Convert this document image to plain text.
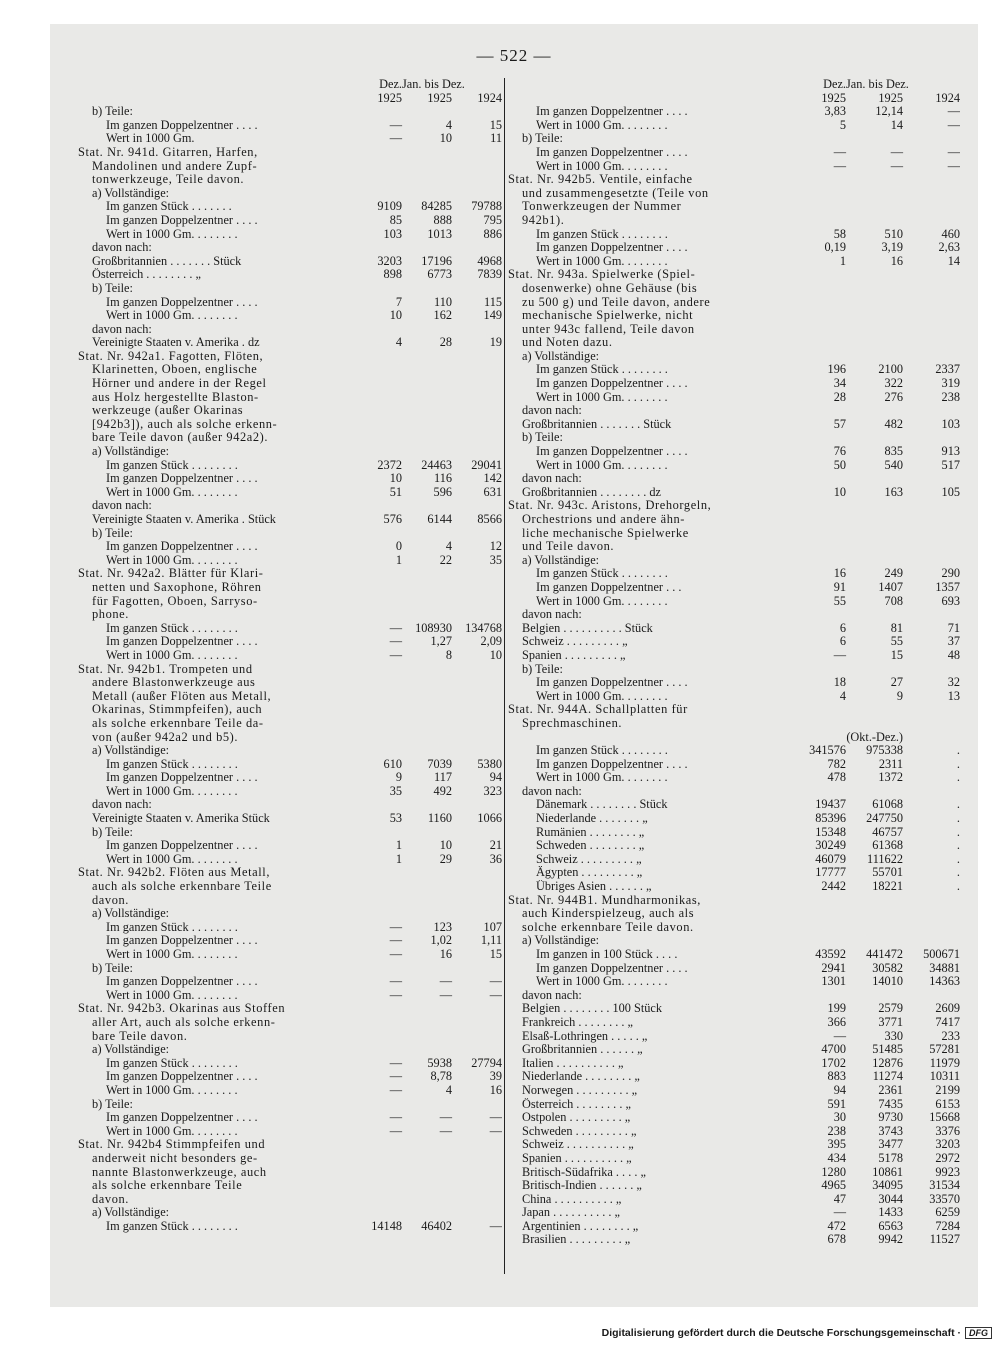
— 522 —
Dez. Jan. bis Dez.
1925	1925	1924
b) Teile:
Im ganzen Doppelzentner . . . .	—	4	15
Wert in 1000 Gm.	—	10	11
Stat. Nr. 941d. Gitarren, Harfen,
Mandolinen und andere Zupf-
tonwerkzeuge, Teile davon.
a) Vollständige:
Im ganzen Stück . . . . . . .	9109	84285	79788
Im ganzen Doppelzentner . . . .	85	888	795
Wert in 1000 Gm. . . . . . . .	103	1013	886
davon nach:
Großbritannien . . . . . . . Stück	3203	17196	4968
Österreich . . . . . . . . „	898	6773	7839
b) Teile:
Im ganzen Doppelzentner . . . .	7	110	115
Wert in 1000 Gm. . . . . . . .	10	162	149
davon nach:
Vereinigte Staaten v. Amerika . dz	4	28	19
Stat. Nr. 942a1. Fagotten, Flöten,
Klarinetten, Oboen, englische
Hörner und andere in der Regel
aus Holz hergestellte Blaston-
werkzeuge (außer Okarinas
[942b3]), auch als solche erkenn-
bare Teile davon (außer 942a2).
a) Vollständige:
Im ganzen Stück . . . . . . . .	2372	24463	29041
Im ganzen Doppelzentner . . . .	10	116	142
Wert in 1000 Gm. . . . . . . .	51	596	631
davon nach:
Vereinigte Staaten v. Amerika . Stück	576	6144	8566
b) Teile:
Im ganzen Doppelzentner . . . .	0	4	12
Wert in 1000 Gm. . . . . . . .	1	22	35
Stat. Nr. 942a2. Blätter für Klari-
netten und Saxophone, Röhren
für Fagotten, Oboen, Sarryso-
phone.
Im ganzen Stück . . . . . . . .	—	108930	134768
Im ganzen Doppelzentner . . . .	—	1,27	2,09
Wert in 1000 Gm. . . . . . . .	—	8	10
Stat. Nr. 942b1. Trompeten und
andere Blastonwerkzeuge aus
Metall (außer Flöten aus Metall,
Okarinas, Stimmpfeifen), auch
als solche erkennbare Teile da-
von (außer 942a2 und b5).
a) Vollständige:
Im ganzen Stück . . . . . . . .	610	7039	5380
Im ganzen Doppelzentner . . . .	9	117	94
Wert in 1000 Gm. . . . . . . .	35	492	323
davon nach:
Vereinigte Staaten v. Amerika Stück	53	1160	1066
b) Teile:
Im ganzen Doppelzentner . . . .	1	10	21
Wert in 1000 Gm. . . . . . . .	1	29	36
Stat. Nr. 942b2. Flöten aus Metall,
auch als solche erkennbare Teile
davon.
a) Vollständige:
Im ganzen Stück . . . . . . . .	—	123	107
Im ganzen Doppelzentner . . . .	—	1,02	1,11
Wert in 1000 Gm. . . . . . . .	—	16	15
b) Teile:
Im ganzen Doppelzentner . . . .	—	—	—
Wert in 1000 Gm. . . . . . . .	—	—	—
Stat. Nr. 942b3. Okarinas aus Stoffen
aller Art, auch als solche erkenn-
bare Teile davon.
a) Vollständige:
Im ganzen Stück . . . . . . . .	—	5938	27794
Im ganzen Doppelzentner . . . .	—	8,78	39
Wert in 1000 Gm. . . . . . . .	—	4	16
b) Teile:
Im ganzen Doppelzentner . . . .	—	—	—
Wert in 1000 Gm. . . . . . . .	—	—	—
Stat. Nr. 942b4 Stimmpfeifen und
anderweit nicht besonders ge-
nannte Blastonwerkzeuge, auch
als solche erkennbare Teile
davon.
a) Vollständige:
Im ganzen Stück . . . . . . . .	14148	46402	—
Dez. Jan. bis Dez.
1925	1925	1924
Im ganzen Doppelzentner . . . .	3,83	12,14	—
Wert in 1000 Gm. . . . . . . .	5	14	—
b) Teile:
Im ganzen Doppelzentner . . . .	—	—	—
Wert in 1000 Gm. . . . . . . .	—	—	—
Stat. Nr. 942b5. Ventile, einfache
und zusammengesetzte (Teile von
Tonwerkzeugen der Nummer
942b1).
Im ganzen Stück . . . . . . . .	58	510	460
Im ganzen Doppelzentner . . . .	0,19	3,19	2,63
Wert in 1000 Gm. . . . . . . .	1	16	14
Stat. Nr. 943a. Spielwerke (Spiel-
dosenwerke) ohne Gehäuse (bis
zu 500 g) und Teile davon, andere
mechanische Spielwerke, nicht
unter 943c fallend, Teile davon
und Noten dazu.
a) Vollständige:
Im ganzen Stück . . . . . . . .	196	2100	2337
Im ganzen Doppelzentner . . . .	34	322	319
Wert in 1000 Gm. . . . . . . .	28	276	238
davon nach:
Großbritannien . . . . . . . Stück	57	482	103
b) Teile:
Im ganzen Doppelzentner . . . .	76	835	913
Wert in 1000 Gm. . . . . . . .	50	540	517
davon nach:
Großbritannien . . . . . . . . dz	10	163	105
Stat. Nr. 943c. Aristons, Drehorgeln,
Orchestrions und andere ähn-
liche mechanische Spielwerke
und Teile davon.
a) Vollständige:
Im ganzen Stück . . . . . . . .	16	249	290
Im ganzen Doppelzentner . . .	91	1407	1357
Wert in 1000 Gm. . . . . . . .	55	708	693
davon nach:
Belgien . . . . . . . . . . Stück	6	81	71
Schweiz . . . . . . . . . „	6	55	37
Spanien . . . . . . . . . „	—	15	48
b) Teile:
Im ganzen Doppelzentner . . . .	18	27	32
Wert in 1000 Gm. . . . . . . .	4	9	13
Stat. Nr. 944A. Schallplatten für
Sprechmaschinen.
(Okt.-Dez.)
Im ganzen Stück . . . . . . . .	341576	975338	.
Im ganzen Doppelzentner . . . .	782	2311	.
Wert in 1000 Gm. . . . . . . .	478	1372	.
davon nach:
Dänemark . . . . . . . . Stück	19437	61068	.
Niederlande . . . . . . . „	85396	247750	.
Rumänien . . . . . . . . „	15348	46757	.
Schweden . . . . . . . . „	30249	61368	.
Schweiz . . . . . . . . . „	46079	111622	.
Ägypten . . . . . . . . . „	17777	55701	.
Übriges Asien . . . . . . „	2442	18221	.
Stat. Nr. 944B1. Mundharmonikas,
auch Kinderspielzeug, auch als
solche erkennbare Teile davon.
a) Vollständige:
Im ganzen in 100 Stück . . . .	43592	441472	500671
Im ganzen Doppelzentner . . . .	2941	30582	34881
Wert in 1000 Gm. . . . . . . .	1301	14010	14363
davon nach:
Belgien . . . . . . . . 100 Stück	199	2579	2609
Frankreich . . . . . . . . „	366	3771	7417
Elsaß-Lothringen . . . . . „	—	330	233
Großbritannien . . . . . . „	4700	51485	57281
Italien . . . . . . . . . . „	1702	12876	11979
Niederlande . . . . . . . . „	883	11274	10311
Norwegen . . . . . . . . . „	94	2361	2199
Österreich . . . . . . . . „	591	7435	6153
Ostpolen . . . . . . . . . „	30	9730	15668
Schweden . . . . . . . . . „	238	3743	3376
Schweiz . . . . . . . . . . „	395	3477	3203
Spanien . . . . . . . . . . „	434	5178	2972
Britisch-Südafrika . . . . „	1280	10861	9923
Britisch-Indien . . . . . . „	4965	34095	31534
China . . . . . . . . . . „	47	3044	33570
Japan . . . . . . . . . . „	—	1433	6259
Argentinien . . . . . . . . „	472	6563	7284
Brasilien . . . . . . . . . „	678	9942	11527
Digitalisierung gefördert durch die Deutsche Forschungsgemeinschaft · DFG
